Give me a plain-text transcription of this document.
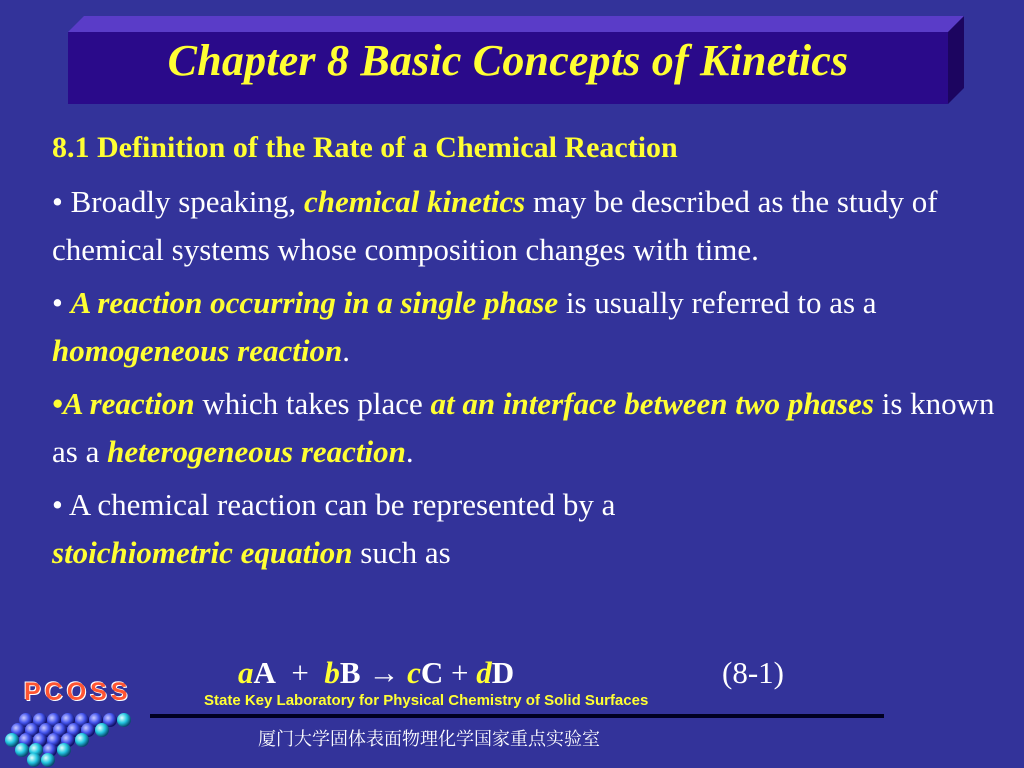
Chapter 8 Basic Concepts of Kinetics
8.1 Definition of the Rate of a Chemical Reaction
• Broadly speaking, chemical kinetics may be described as the study of chemical systems whose composition changes with time.
• A reaction occurring in a single phase is usually referred to as a homogeneous reaction.
•A reaction which takes place at an interface between two phases is known as a heterogeneous reaction.
• A chemical reaction can be represented by a
stoichiometric equation such as
aA  +  bB → cC + dD	(8-1)
PCOSS	State Key Laboratory for Physical Chemistry of Solid Surfaces
厦门大学固体表面物理化学国家重点实验室
